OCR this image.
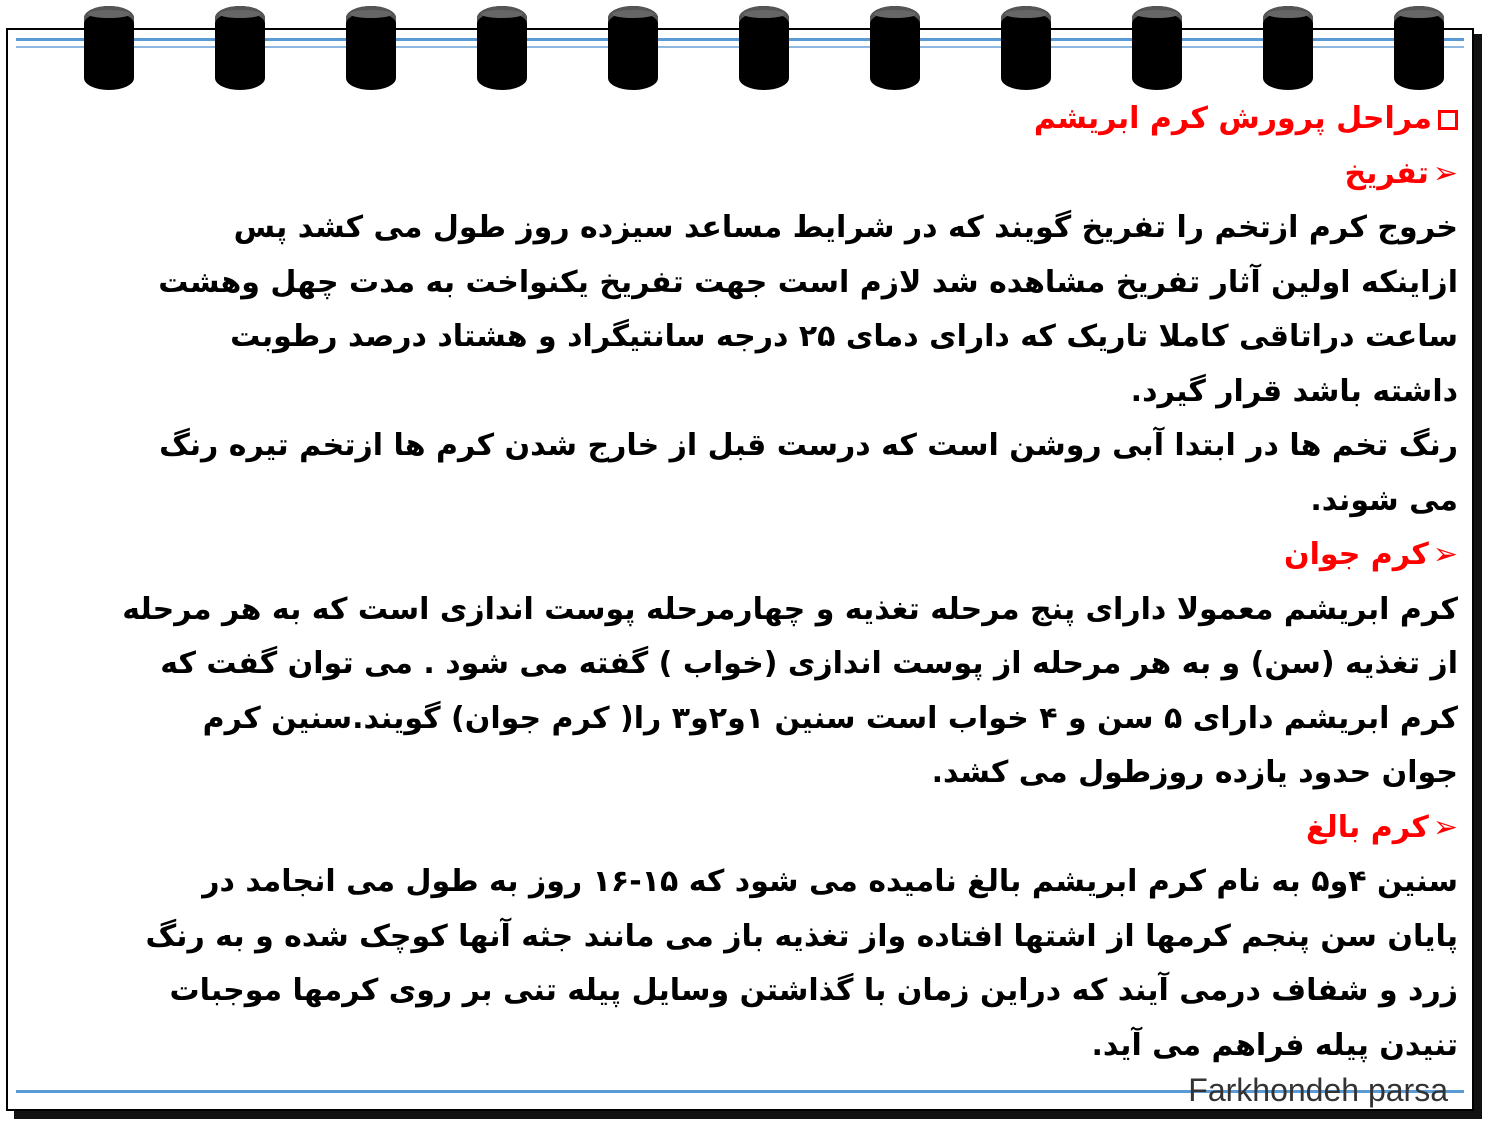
مراحل پرورش کرم ابریشم
➢تفریخ
خروج کرم ازتخم را تفریخ گویند که در شرایط مساعد سیزده روز طول می کشد پس
ازاینکه اولین آثار تفریخ مشاهده شد لازم است جهت تفریخ یکنواخت به مدت چهل وهشت
ساعت دراتاقی کاملا تاریک که دارای دمای ۲۵ درجه سانتیگراد و هشتاد درصد رطوبت
داشته باشد قرار گیرد.
رنگ تخم ها در ابتدا آبی روشن است که درست قبل از خارج شدن کرم ها ازتخم تیره رنگ
می شوند.
➢کرم جوان
کرم ابریشم معمولا دارای پنج مرحله تغذیه و چهارمرحله پوست اندازی است که به هر مرحله
از تغذیه (سن) و به هر مرحله از پوست اندازی (خواب ) گفته می شود . می توان گفت که
کرم ابریشم دارای ۵ سن و ۴ خواب است سنین ۱و۲و۳ را( کرم جوان) گویند.سنین کرم
جوان حدود یازده روزطول می کشد.
➢کرم بالغ
سنین ۴و۵ به نام کرم ابریشم بالغ نامیده می شود که ۱۵-۱۶ روز به طول می انجامد در
پایان سن پنجم کرمها از اشتها افتاده واز تغذیه باز می مانند جثه آنها کوچک شده و به رنگ
زرد و شفاف درمی آیند که دراین زمان با گذاشتن وسایل پیله تنی بر روی کرمها موجبات
تنیدن پیله فراهم می آید.
Farkhondeh parsa
